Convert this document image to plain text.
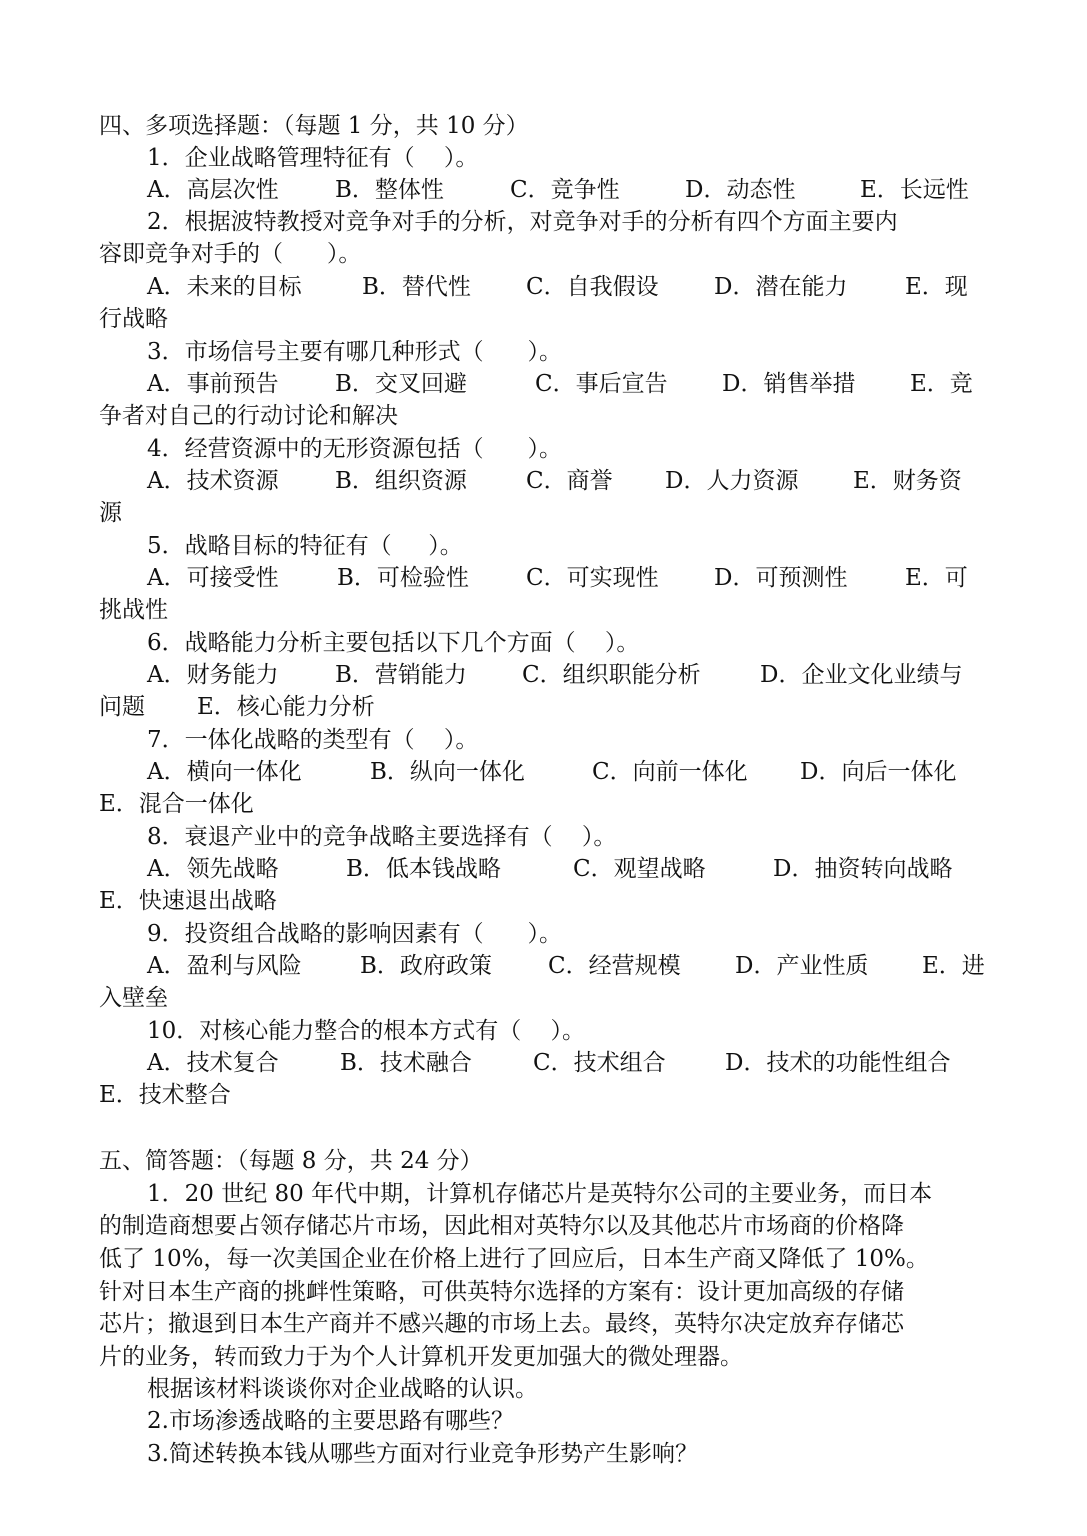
四、多项选择题：（每题 1 分，共 10 分）
1．企业战略管理特征有（    ）。
A．高层次性 B．整体性	C．竞争性	D．动态性	E．长远性
2．根据波特教授对竞争对手的分析，对竞争对手的分析有四个方面主要内
容即竞争对手的（      ）。
A．未来的目标	B．替代性 C．自我假设 D．潜在能力	E．现
行战略
3．市场信号主要有哪几种形式（      ）。
A．事前预告 B．交叉回避	C．事后宣告 D．销售举措 E．竞
争者对自己的行动讨论和解决
4．经营资源中的无形资源包括（      ）。
A．技术资源 B．组织资源	C．商誉 D．人力资源 E．财务资
源
5．战略目标的特征有（     ）。
A．可接受性	B．可检验性 C．可实现性 D．可预测性	E．可
挑战性
6．战略能力分析主要包括以下几个方面（    ）。
A．财务能力 B．营销能力 C．组织职能分析	D．企业文化业绩与
问题 E．核心能力分析
7．一体化战略的类型有（    ）。
A．横向一体化	B．纵向一体化	C．向前一体化 D．向后一体化
E．混合一体化
8．衰退产业中的竞争战略主要选择有（    ）。
A．领先战略	B．低本钱战略	C．观望战略	D．抽资转向战略
E．快速退出战略
9．投资组合战略的影响因素有（      ）。
A．盈利与风险	B．政府政策 C．经营规模 D．产业性质 E．进
入壁垒
10．对核心能力整合的根本方式有（    ）。
A．技术复合	B．技术融合	C．技术组合	D．技术的功能性组合
E．技术整合
五、简答题：（每题 8 分，共 24 分）
1．20 世纪 80 年代中期，计算机存储芯片是英特尔公司的主要业务，而日本
的制造商想要占领存储芯片市场，因此相对英特尔以及其他芯片市场商的价格降
低了 10%，每一次美国企业在价格上进行了回应后，日本生产商又降低了 10%。
针对日本生产商的挑衅性策略，可供英特尔选择的方案有：设计更加高级的存储
芯片；撤退到日本生产商并不感兴趣的市场上去。最终，英特尔决定放弃存储芯
片的业务，转而致力于为个人计算机开发更加强大的微处理器。
根据该材料谈谈你对企业战略的认识。
2.市场渗透战略的主要思路有哪些？
3.简述转换本钱从哪些方面对行业竞争形势产生影响？
